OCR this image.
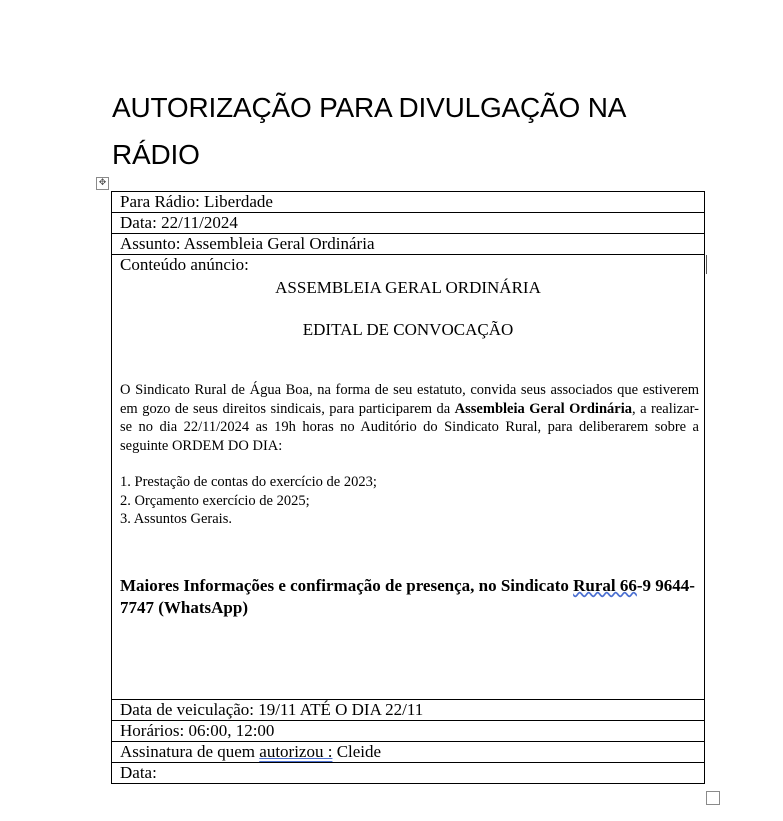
AUTORIZAÇÃO PARA DIVULGAÇÃO NA RÁDIO
✥
Para Rádio: Liberdade
Data: 22/11/2024
Assunto: Assembleia Geral Ordinária

Conteúdo anúncio:
ASSEMBLEIA GERAL ORDINÁRIA
EDITAL DE CONVOCAÇÃO
O Sindicato Rural de Água Boa, na forma de seu estatuto, convida seus associados que estiverem em gozo de seus direitos sindicais, para participarem da Assembleia Geral Ordinária, a realizar-se no dia 22/11/2024 as 19h horas no Auditório do Sindicato Rural, para deliberarem sobre a seguinte ORDEM DO DIA:
1. Prestação de contas do exercício de 2023;
2. Orçamento exercício de 2025;
3. Assuntos Gerais.
Maiores Informações e confirmação de presença, no Sindicato Rural 66-9 9644-7747 (WhatsApp)

Data de veiculação: 19/11 ATÉ O DIA 22/11
Horários: 06:00, 12:00
Assinatura de quem autorizou : Cleide
Data:
